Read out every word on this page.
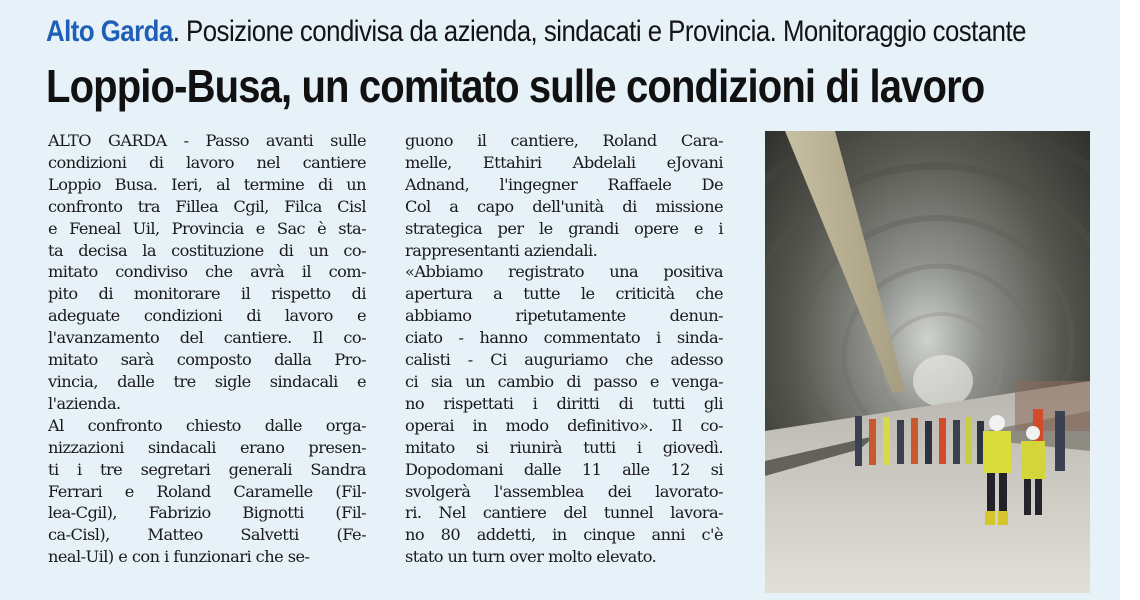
Alto Garda. Posizione condivisa da azienda, sindacati e Provincia. Monitoraggio costante
Loppio-Busa, un comitato sulle condizioni di lavoro

ALTO GARDA - Passo avanti sulle

condizioni di lavoro nel cantiere

Loppio Busa. Ieri, al termine di un

confronto tra Fillea Cgil, Filca Cisl

e Feneal Uil, Provincia e Sac è sta-

ta decisa la costituzione di un co-

mitato condiviso che avrà il com-

pito di monitorare il rispetto di

adeguate condizioni di lavoro e

l'avanzamento del cantiere. Il co-

mitato sarà composto dalla Pro-

vincia, dalle tre sigle sindacali e

l'azienda.

Al confronto chiesto dalle orga-

nizzazioni sindacali erano presen-

ti i tre segretari generali Sandra

Ferrari e Roland Caramelle (Fil-

lea-Cgil), Fabrizio Bignotti (Fil-

ca-Cisl), Matteo Salvetti (Fe-

neal-Uil) e con i funzionari che se-

guono il cantiere, Roland Cara-

melle, Ettahiri Abdelali eJovani

Adnand, l'ingegner Raffaele De

Col a capo dell'unità di missione

strategica per le grandi opere e i

rappresentanti aziendali.

«Abbiamo registrato una positiva

apertura a tutte le criticità che

abbiamo ripetutamente denun-

ciato - hanno commentato i sinda-

calisti - Ci auguriamo che adesso

ci sia un cambio di passo e venga-

no rispettati i diritti di tutti gli

operai in modo definitivo». Il co-

mitato si riunirà tutti i giovedì.

Dopodomani dalle 11 alle 12 si

svolgerà l'assemblea dei lavorato-

ri. Nel cantiere del tunnel lavora-

no 80 addetti, in cinque anni c'è

stato un turn over molto elevato.
